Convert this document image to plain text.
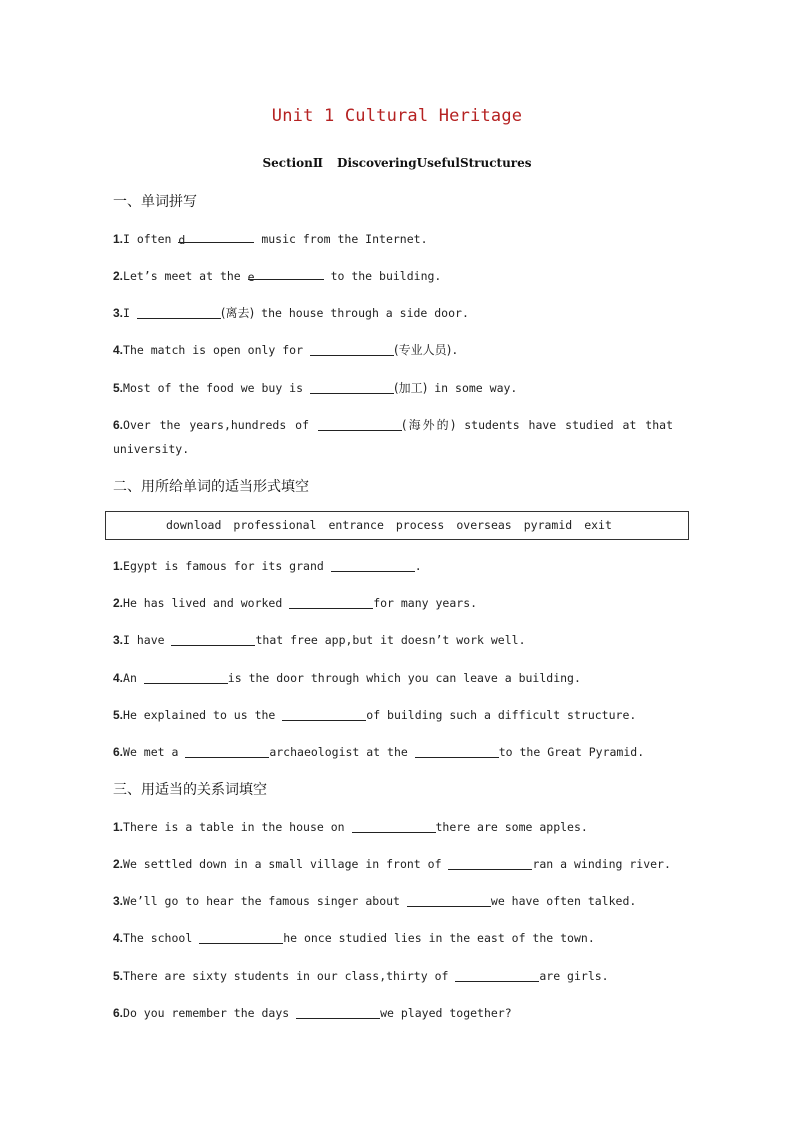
Unit 1 Cultural Heritage
SectionⅡ DiscoveringUsefulStructures
一、单词拼写
1.I often d	music from the Internet.
2.Let’s meet at the e	to the building.
3.I	(离去) the house through a side door.
4.The match is open only for	(专业人员).
5.Most of the food we buy is	(加工) in some way.
6.Over the years,hundreds of	(海外的) students have studied at that university.
二、用所给单词的适当形式填空
download professional entrance process overseas pyramid exit
1.Egypt is famous for its grand	.
2.He has lived and worked	for many years.
3.I have	that free app,but it doesn’t work well.
4.An	is the door through which you can leave a building.
5.He explained to us the	of building such a difficult structure.
6.We met a	archaeologist at the	to the Great Pyramid.
三、用适当的关系词填空
1.There is a table in the house on	there are some apples.
2.We settled down in a small village in front of	ran a winding river.
3.We’ll go to hear the famous singer about	we have often talked.
4.The school	he once studied lies in the east of the town.
5.There are sixty students in our class,thirty of	are girls.
6.Do you remember the days	we played together?
